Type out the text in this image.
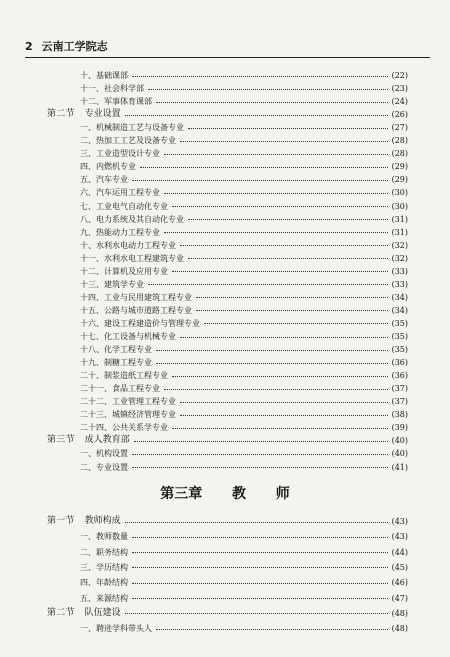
2 云南工学院志
十、基础课部	(22)
十一、社会科学部	(23)
十二、军事体育课部	(24)
第二节 专业设置	(26)
一、机械制造工艺与设备专业	(27)
二、热加工工艺及设备专业	(28)
三、工业造型设计专业	(28)
四、内燃机专业	(29)
五、汽车专业	(29)
六、汽车运用工程专业	(30)
七、工业电气自动化专业	(30)
八、电力系统及其自动化专业	(31)
九、热能动力工程专业	(31)
十、水利水电动力工程专业	(32)
十一、水利水电工程建筑专业	(32)
十二、计算机及应用专业	(33)
十三、建筑学专业	(33)
十四、工业与民用建筑工程专业	(34)
十五、公路与城市道路工程专业	(34)
十六、建设工程建造价与管理专业	(35)
十七、化工设备与机械专业	(35)
十八、化学工程专业	(35)
十九、制糖工程专业	(36)
二十、制浆造纸工程专业	(36)
二十一、食品工程专业	(37)
二十二、工业管理工程专业	(37)
二十三、城镇经济管理专业	(38)
二十四、公共关系学专业	(39)
第三节 成人教育部	(40)
一、机构设置	(40)
二、专业设置	(41)
第一节 教师构成	(43)
一、教师数量	(43)
二、职务结构	(44)
三、学历结构	(45)
四、年龄结构	(46)
五、来源结构	(47)
第二节 队伍建设	(48)
一、聘进学科带头人	(48)
第三章 教 师
